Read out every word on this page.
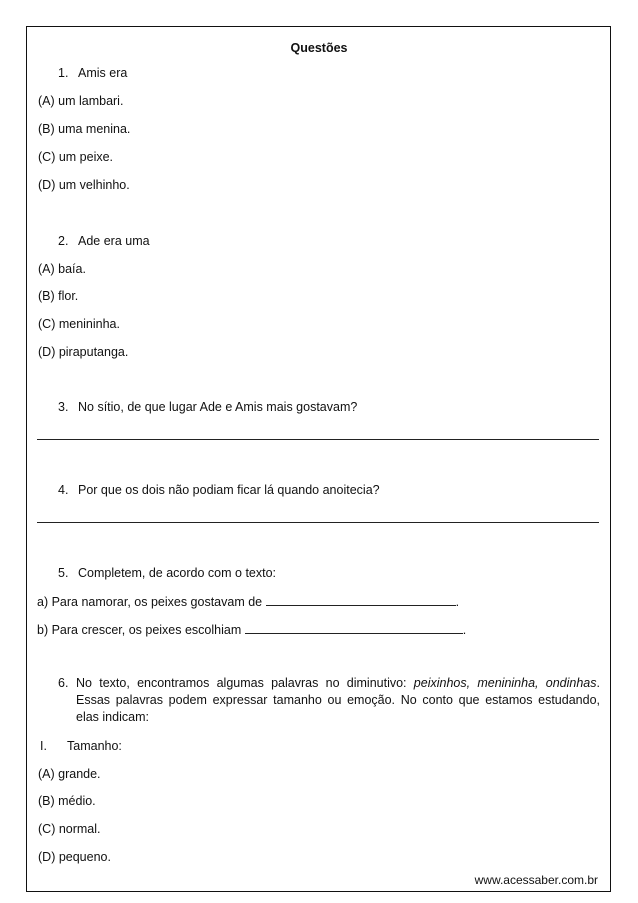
Questões
1. Amis era
(A) um lambari.
(B) uma menina.
(C) um peixe.
(D) um velhinho.
2. Ade era uma
(A) baía.
(B) flor.
(C) menininha.
(D) piraputanga.
3. No sítio, de que lugar Ade e Amis mais gostavam?
4. Por que os dois não podiam ficar lá quando anoitecia?
5. Completem, de acordo com o texto:
a) Para namorar, os peixes gostavam de	.
b) Para crescer, os peixes escolhiam	.
6. No texto, encontramos algumas palavras no diminutivo: peixinhos, menininha, ondinhas. Essas palavras podem expressar tamanho ou emoção. No conto que estamos estudando, elas indicam:
I. Tamanho:
(A) grande.
(B) médio.
(C) normal.
(D) pequeno.
www.acessaber.com.br
